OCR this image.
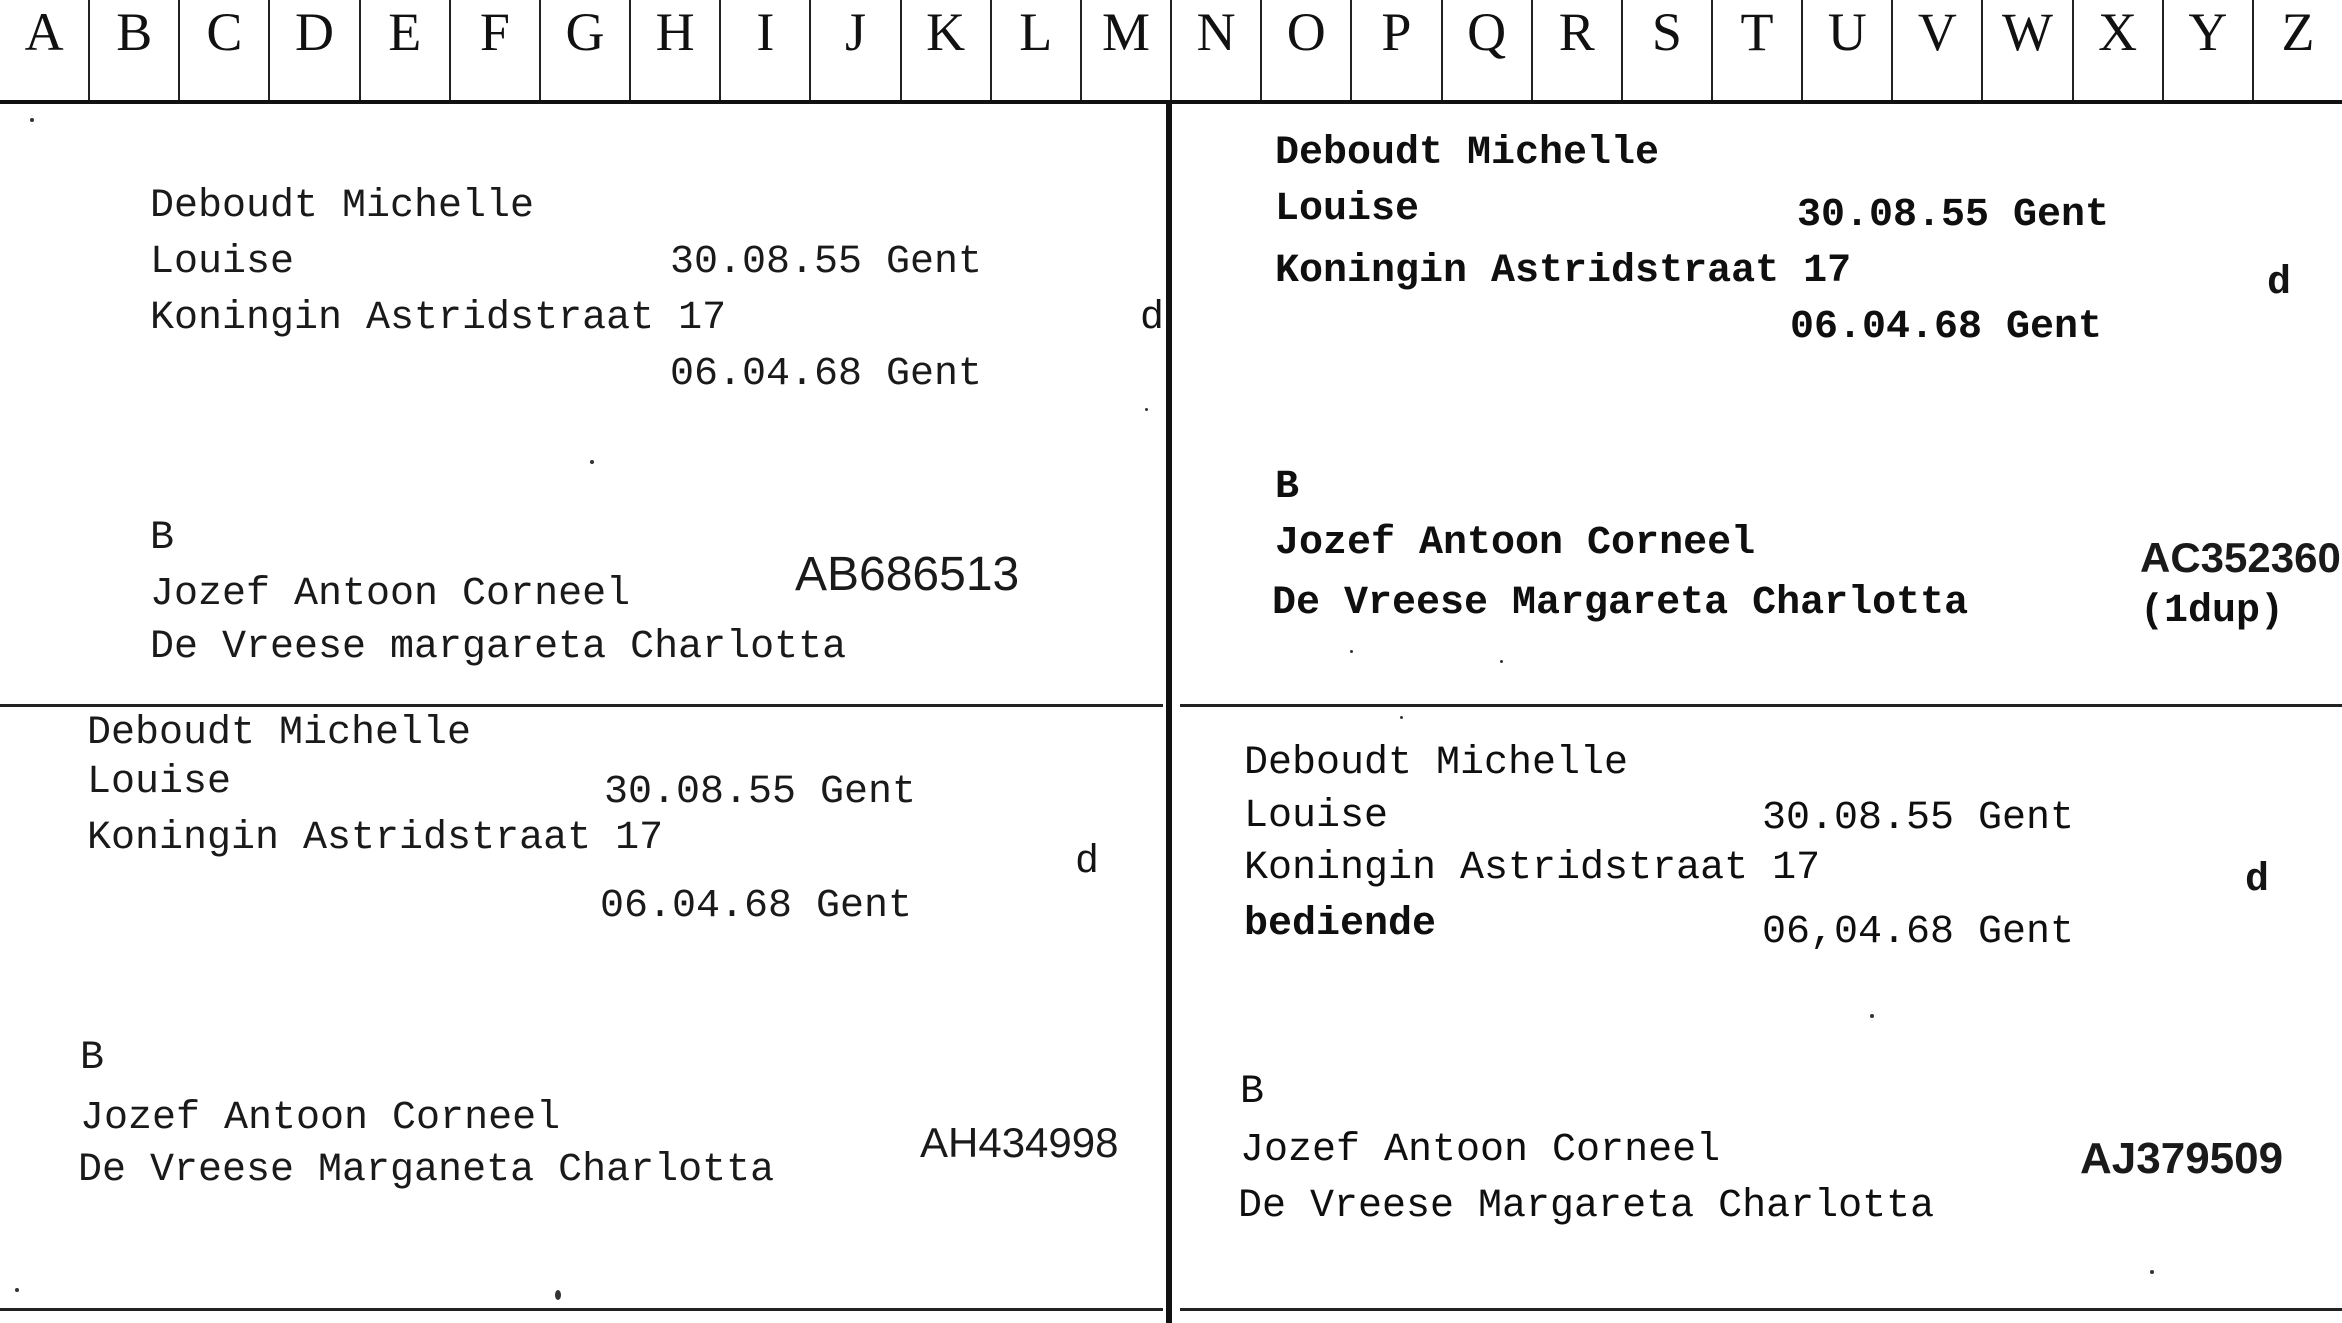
A B	C D	E	F	G H	I	J	K	L M N O	P	Q R	S	T	U V W X Y	Z
Deboudt Michelle
Louise	30.08.55 Gent
Koningin Astridstraat 17	d
06.04.68 Gent
B
Jozef Antoon Corneel	AB686513
De Vreese margareta Charlotta
Deboudt Michelle
Louise	30.08.55 Gent
Koningin Astridstraat 17	d
06.04.68 Gent
B
Jozef Antoon Corneel	AC352360
De Vreese Margareta Charlotta	(1dup)
Deboudt Michelle
Louise	30.08.55 Gent
Koningin Astridstraat 17
d
06.04.68 Gent
B
Jozef Antoon Corneel
AH434998
De Vreese Marganeta Charlotta
Deboudt Michelle
Louise	30.08.55 Gent
Koningin Astridstraat 17	d
bediende	06,04.68 Gent
B
Jozef Antoon Corneel	AJ379509
De Vreese Margareta Charlotta
